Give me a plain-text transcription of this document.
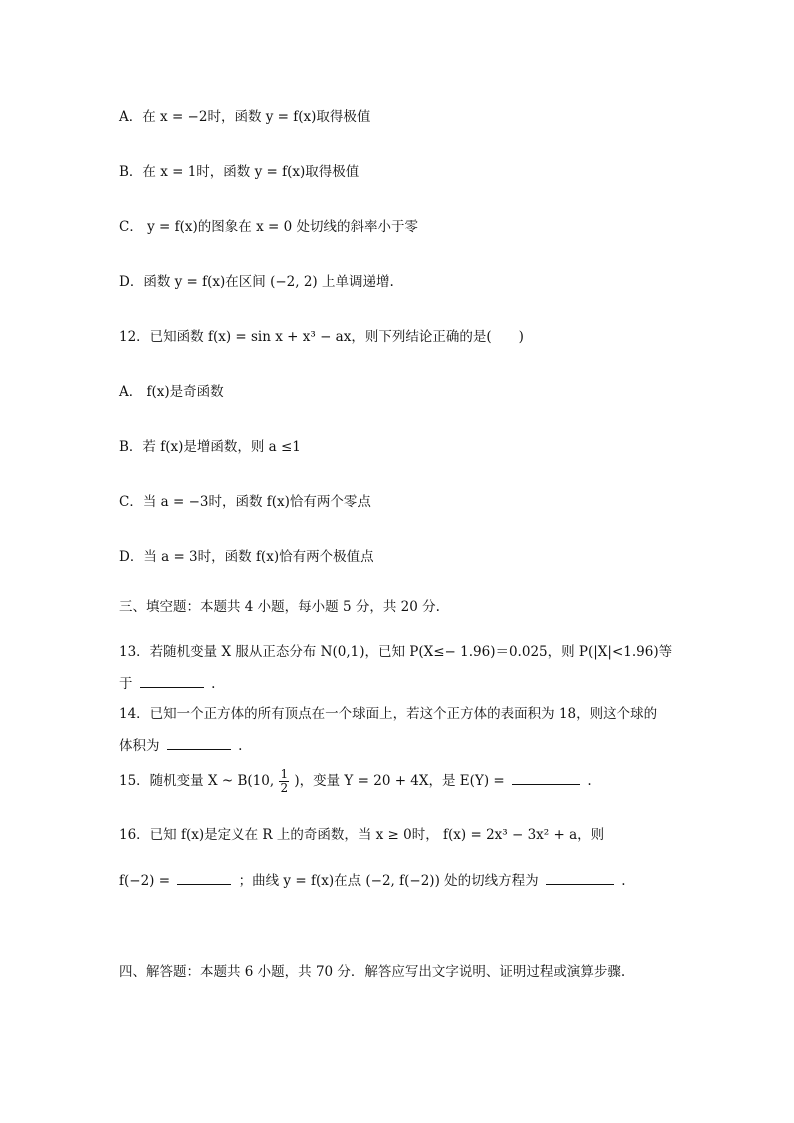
A．在 x = −2时，函数 y = f(x)取得极值
B．在 x = 1时，函数 y = f(x)取得极值
C． y = f(x)的图象在 x = 0 处切线的斜率小于零
D．函数 y = f(x)在区间 (−2, 2) 上单调递增.
12．已知函数 f(x) = sin x + x³ − ax，则下列结论正确的是(　　)
A． f(x)是奇函数
B．若 f(x)是增函数，则 a ≤1
C．当 a = −3时，函数 f(x)恰有两个零点
D．当 a = 3时，函数 f(x)恰有两个极值点
三、填空题：本题共 4 小题，每小题 5 分，共 20 分.
13．若随机变量 X 服从正态分布 N(0,1)，已知 P(X≤− 1.96)＝0.025，则 P(|X|<1.96)等
于	.
14．已知一个正方体的所有顶点在一个球面上，若这个正方体的表面积为 18，则这个球的
体积为	.
15．随机变量 X ~ B(10, $\frac{1}{2}$ )，变量 Y = 20 + 4X，是 E(Y) =	.
16．已知 f(x)是定义在 R 上的奇函数，当 x ≥ 0时， f(x) = 2x³ − 3x² + a，则
f(−2) =	；曲线 y = f(x)在点 (−2, f(−2)) 处的切线方程为	.
四、解答题：本题共 6 小题，共 70 分．解答应写出文字说明、证明过程或演算步骤.
